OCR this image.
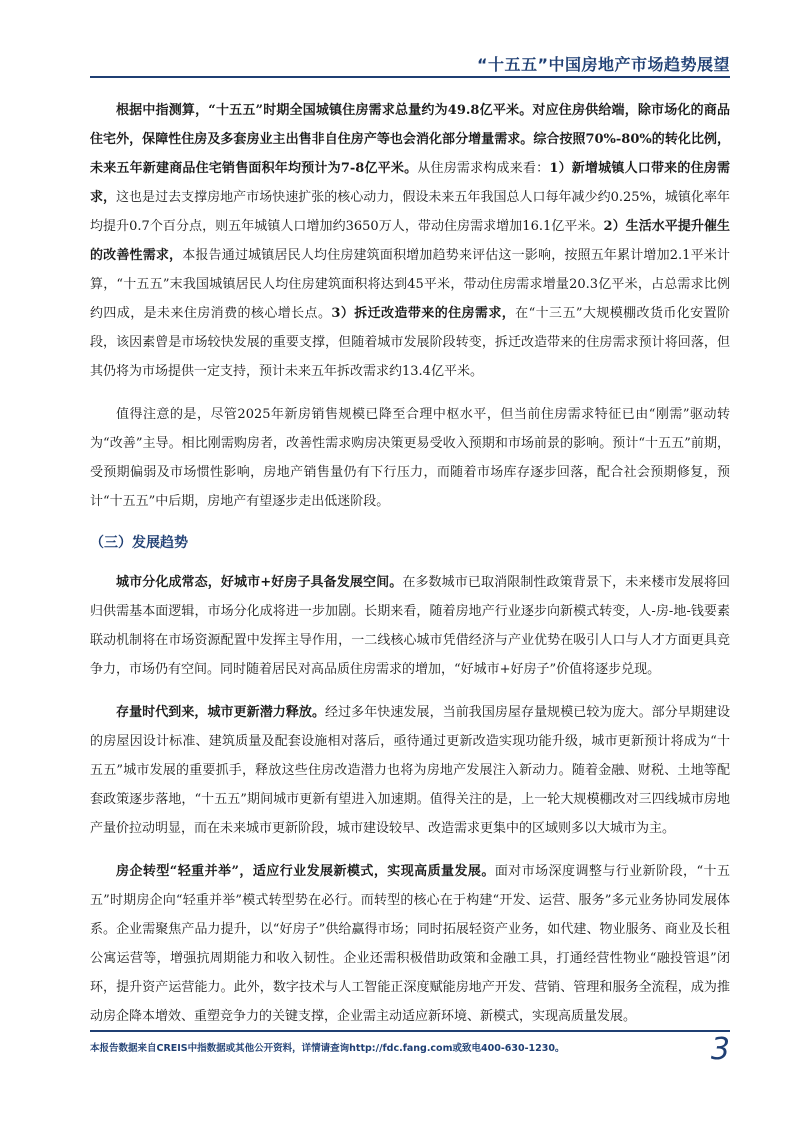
“十五五”中国房地产市场趋势展望

根据中指测算，“十五五”时期全国城镇住房需求总量约为49.8亿平米。对应住房供给端，除市场化的商品住宅外，保障性住房及多套房业主出售非自住房产等也会消化部分增量需求。综合按照70%-80%的转化比例，未来五年新建商品住宅销售面积年均预计为7-8亿平米。从住房需求构成来看：1）新增城镇人口带来的住房需求，这也是过去支撑房地产市场快速扩张的核心动力，假设未来五年我国总人口每年减少约0.25%，城镇化率年均提升0.7个百分点，则五年城镇人口增加约3650万人，带动住房需求增加16.1亿平米。2）生活水平提升催生的改善性需求，本报告通过城镇居民人均住房建筑面积增加趋势来评估这一影响，按照五年累计增加2.1平米计算，“十五五”末我国城镇居民人均住房建筑面积将达到45平米，带动住房需求增量20.3亿平米，占总需求比例约四成，是未来住房消费的核心增长点。3）拆迁改造带来的住房需求，在“十三五”大规模棚改货币化安置阶段，该因素曾是市场较快发展的重要支撑，但随着城市发展阶段转变，拆迁改造带来的住房需求预计将回落，但其仍将为市场提供一定支持，预计未来五年拆改需求约13.4亿平米。

值得注意的是，尽管2025年新房销售规模已降至合理中枢水平，但当前住房需求特征已由“刚需”驱动转为“改善”主导。相比刚需购房者，改善性需求购房决策更易受收入预期和市场前景的影响。预计“十五五”前期，受预期偏弱及市场惯性影响，房地产销售量仍有下行压力，而随着市场库存逐步回落，配合社会预期修复，预计“十五五”中后期，房地产有望逐步走出低迷阶段。

（三）发展趋势

城市分化成常态，好城市+好房子具备发展空间。在多数城市已取消限制性政策背景下，未来楼市发展将回归供需基本面逻辑，市场分化成将进一步加剧。长期来看，随着房地产行业逐步向新模式转变，人-房-地-钱要素联动机制将在市场资源配置中发挥主导作用，一二线核心城市凭借经济与产业优势在吸引人口与人才方面更具竞争力，市场仍有空间。同时随着居民对高品质住房需求的增加，“好城市+好房子”价值将逐步兑现。

存量时代到来，城市更新潜力释放。经过多年快速发展，当前我国房屋存量规模已较为庞大。部分早期建设的房屋因设计标准、建筑质量及配套设施相对落后，亟待通过更新改造实现功能升级，城市更新预计将成为“十五五”城市发展的重要抓手，释放这些住房改造潜力也将为房地产发展注入新动力。随着金融、财税、土地等配套政策逐步落地，“十五五”期间城市更新有望进入加速期。值得关注的是，上一轮大规模棚改对三四线城市房地产量价拉动明显，而在未来城市更新阶段，城市建设较早、改造需求更集中的区域则多以大城市为主。

房企转型“轻重并举”，适应行业发展新模式，实现高质量发展。面对市场深度调整与行业新阶段，“十五五”时期房企向“轻重并举”模式转型势在必行。而转型的核心在于构建“开发、运营、服务”多元业务协同发展体系。企业需聚焦产品力提升，以“好房子”供给赢得市场；同时拓展轻资产业务，如代建、物业服务、商业及长租公寓运营等，增强抗周期能力和收入韧性。企业还需积极借助政策和金融工具，打通经营性物业“融投管退”闭环，提升资产运营能力。此外，数字技术与人工智能正深度赋能房地产开发、营销、管理和服务全流程，成为推动房企降本增效、重塑竞争力的关键支撑，企业需主动适应新环境、新模式，实现高质量发展。

本报告数据来自CREIS中指数据或其他公开资料，详情请查询http://fdc.fang.com或致电400-630-1230。	3
